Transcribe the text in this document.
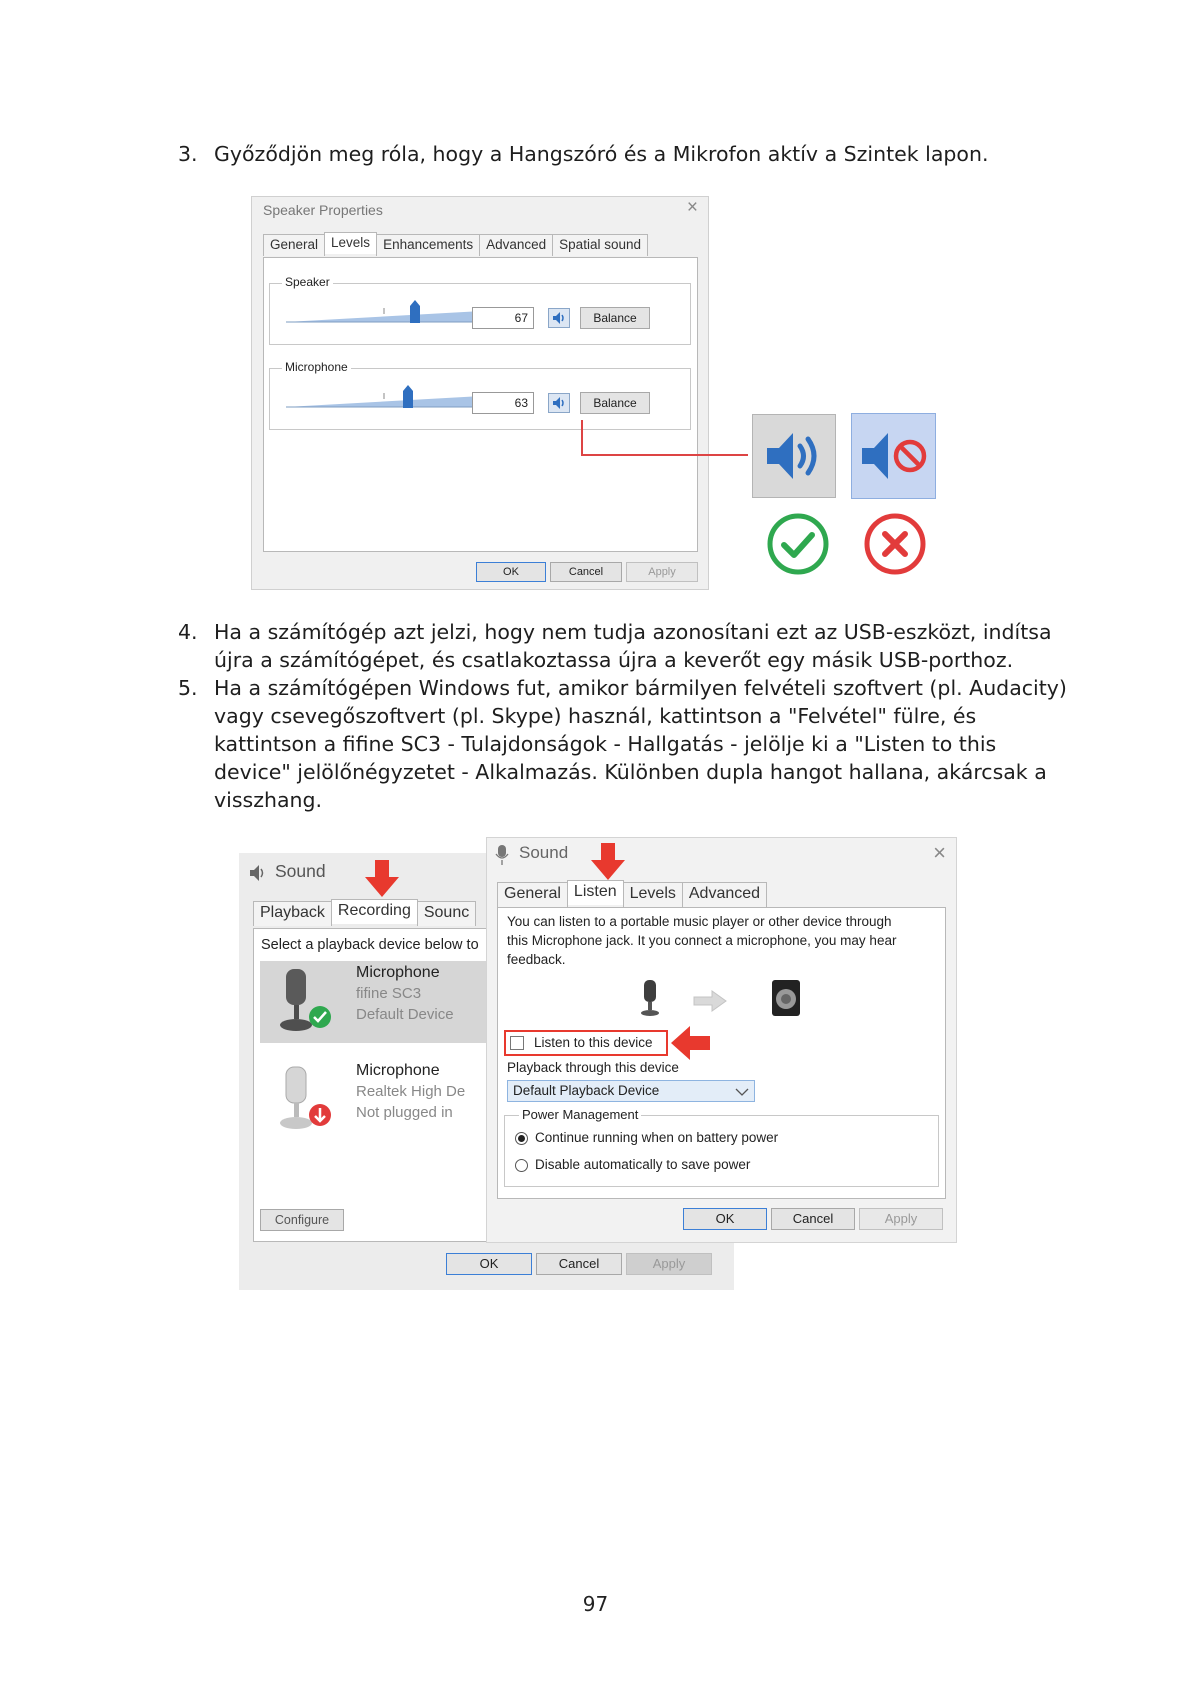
3. Győződjön meg róla, hogy a Hangszóró és a Mikrofon aktív a Szintek lapon.
Speaker Properties	×
General Levels Enhancements Advanced Spatial sound
Speaker
67	Balance
Microphone
63	Balance
OK	Cancel	Apply
4. Ha a számítógép azt jelzi, hogy nem tudja azonosítani ezt az USB-eszközt, indítsa
újra a számítógépet, és csatlakoztassa újra a keverőt egy másik USB-porthoz.
5. Ha a számítógépen Windows fut, amikor bármilyen felvételi szoftvert (pl. Audacity)
vagy csevegőszoftvert (pl. Skype) használ, kattintson a "Felvétel" fülre, és
kattintson a fifine SC3 - Tulajdonságok - Hallgatás - jelölje ki a "Listen to this
device" jelölőnégyzetet - Alkalmazás. Különben dupla hangot hallana, akárcsak a
visszhang.
Sound
Playback Recording Sounc
Select a playback device below to
Microphone
fifine SC3
Default Device
Microphone
Realtek High De
Not plugged in
Configure
OK	Cancel	Apply
Sound	×
General Listen Levels Advanced
You can listen to a portable music player or other device through
this Microphone jack. It you connect a microphone, you may hear
feedback.
Listen to this device
Playback through this device
Default Playback Device
Power Management
Continue running when on battery power
Disable automatically to save power
OK	Cancel	Apply
97
